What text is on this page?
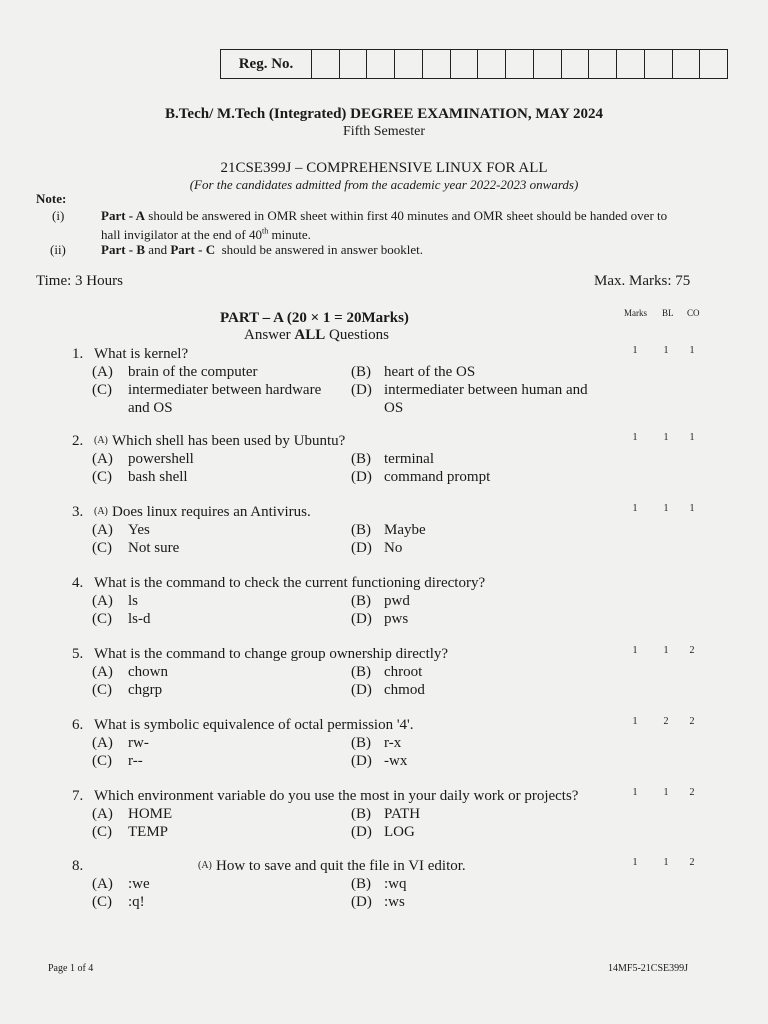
Reg. No.
B.Tech/ M.Tech (Integrated) DEGREE EXAMINATION, MAY 2024
Fifth Semester
21CSE399J – COMPREHENSIVE LINUX FOR ALL
(For the candidates admitted from the academic year 2022-2023 onwards)
Note:
(i)	Part - A should be answered in OMR sheet within first 40 minutes and OMR sheet should be handed over to
hall invigilator at the end of 40th minute.
(ii)	Part - B and Part - C  should be answered in answer booklet.
Time: 3 Hours	Max. Marks: 75
PART – A (20 × 1 = 20Marks)
Answer ALL Questions
Marks BL CO
1. What is kernel?
(A) brain of the computer	(B) heart of the OS
(C) intermediater between hardware (D) intermediater between human and
and OS	OS
1	1	1
2. (A) Which shell has been used by Ubuntu?
(A) powershell	(B) terminal
(C) bash shell	(D) command prompt
1	1	1
3. (A) Does linux requires an Antivirus.
(A) Yes	(B) Maybe
(C) Not sure	(D) No
1	1	1
4. What is the command to check the current functioning directory?
(A) ls	(B) pwd
(C) ls-d	(D) pws
5. What is the command to change group ownership directly?
(A) chown	(B) chroot
(C) chgrp	(D) chmod
1	1	2
6. What is symbolic equivalence of octal permission '4'.
(A) rw-	(B) r-x
(C) r--	(D) -wx
1	2	2
7. Which environment variable do you use the most in your daily work or projects?
(A) HOME	(B) PATH
(C) TEMP	(D) LOG
1	1	2
8.	(A) How to save and quit the file in VI editor.
(A) :we	(B) :wq
(C) :q!	(D) :ws
1	1	2
Page 1 of 4	14MF5-21CSE399J
